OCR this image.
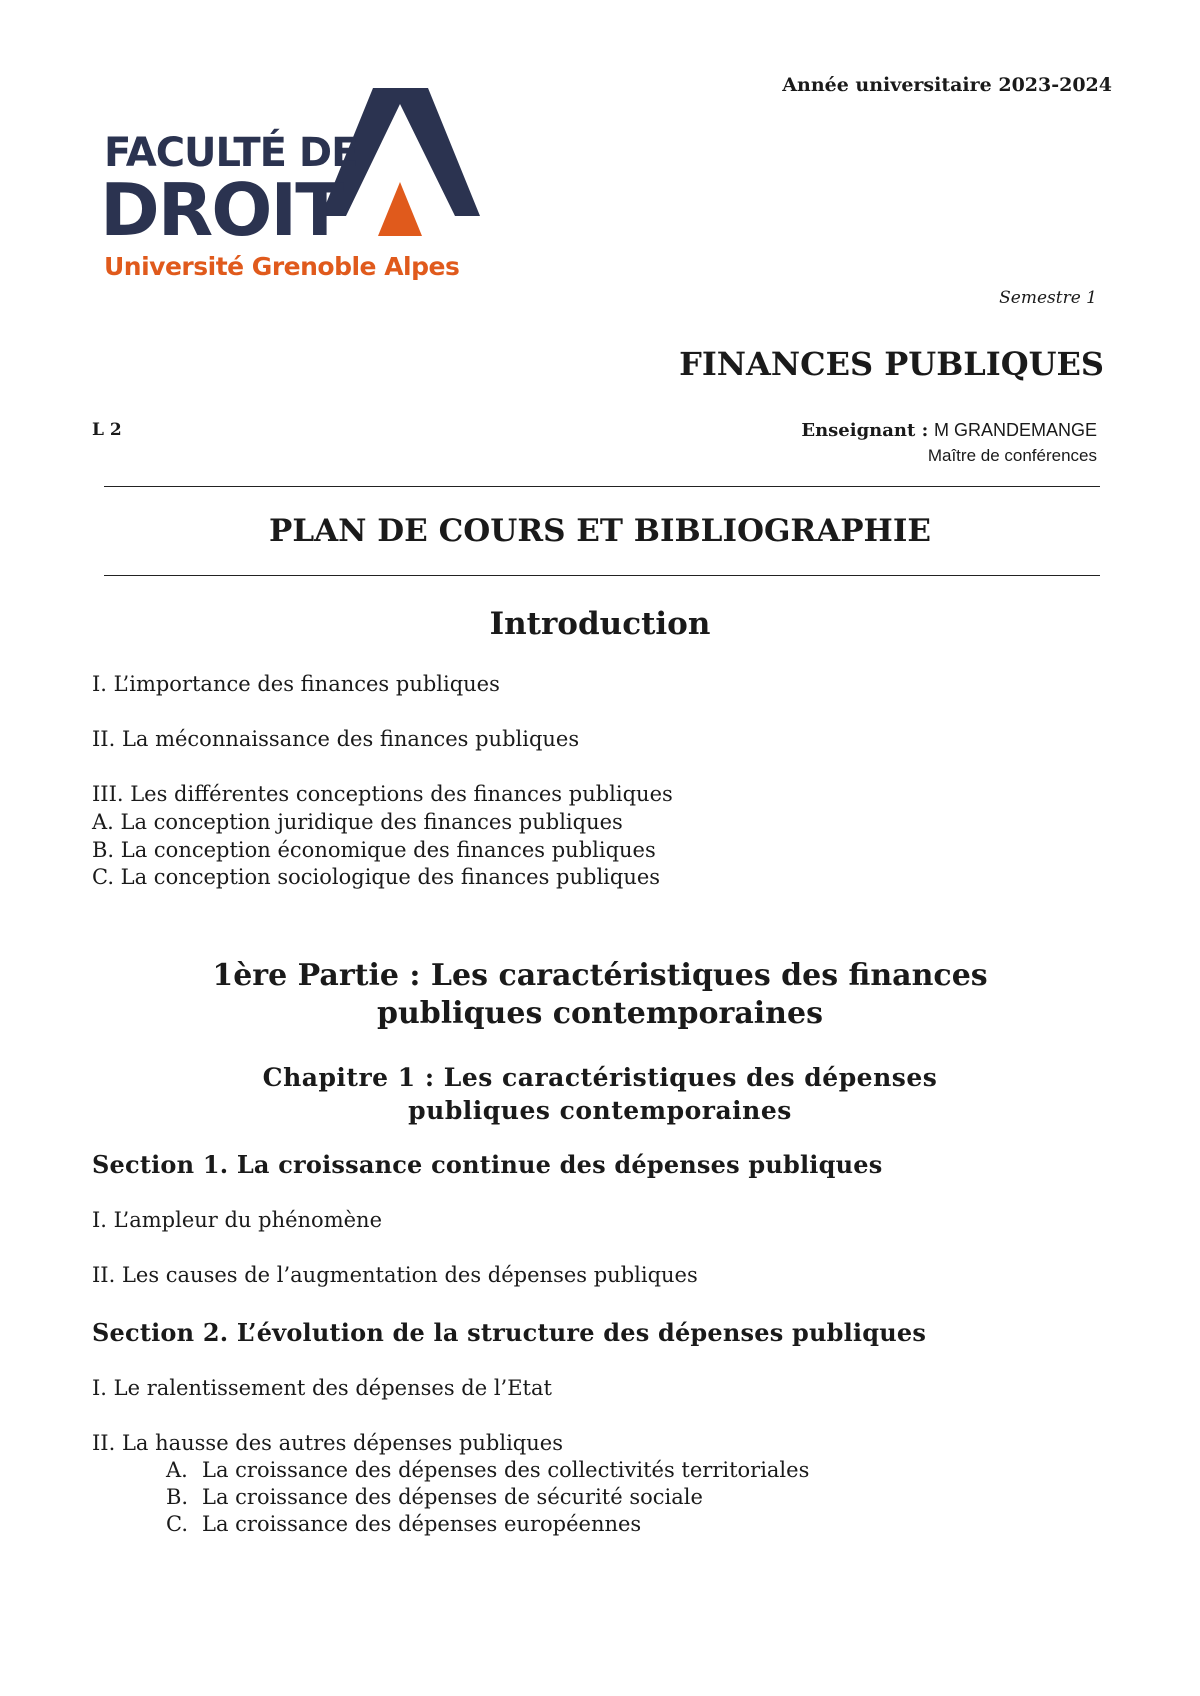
Année universitaire 2023-2024
FACULTÉ DE
DROIT
Université Grenoble Alpes
Semestre 1
FINANCES PUBLIQUES
L 2	Enseignant : M GRANDEMANGE
Maître de conférences
PLAN DE COURS ET BIBLIOGRAPHIE
Introduction
I. L’importance des finances publiques
II. La méconnaissance des finances publiques
III. Les différentes conceptions des finances publiques
A. La conception juridique des finances publiques
B. La conception économique des finances publiques
C. La conception sociologique des finances publiques
1ère Partie : Les caractéristiques des finances
publiques contemporaines
Chapitre 1 : Les caractéristiques des dépenses
publiques contemporaines
Section 1. La croissance continue des dépenses publiques
I. L’ampleur du phénomène
II. Les causes de l’augmentation des dépenses publiques
Section 2. L’évolution de la structure des dépenses publiques
I. Le ralentissement des dépenses de l’Etat
II. La hausse des autres dépenses publiques
A. La croissance des dépenses des collectivités territoriales
B. La croissance des dépenses de sécurité sociale
C. La croissance des dépenses européennes
